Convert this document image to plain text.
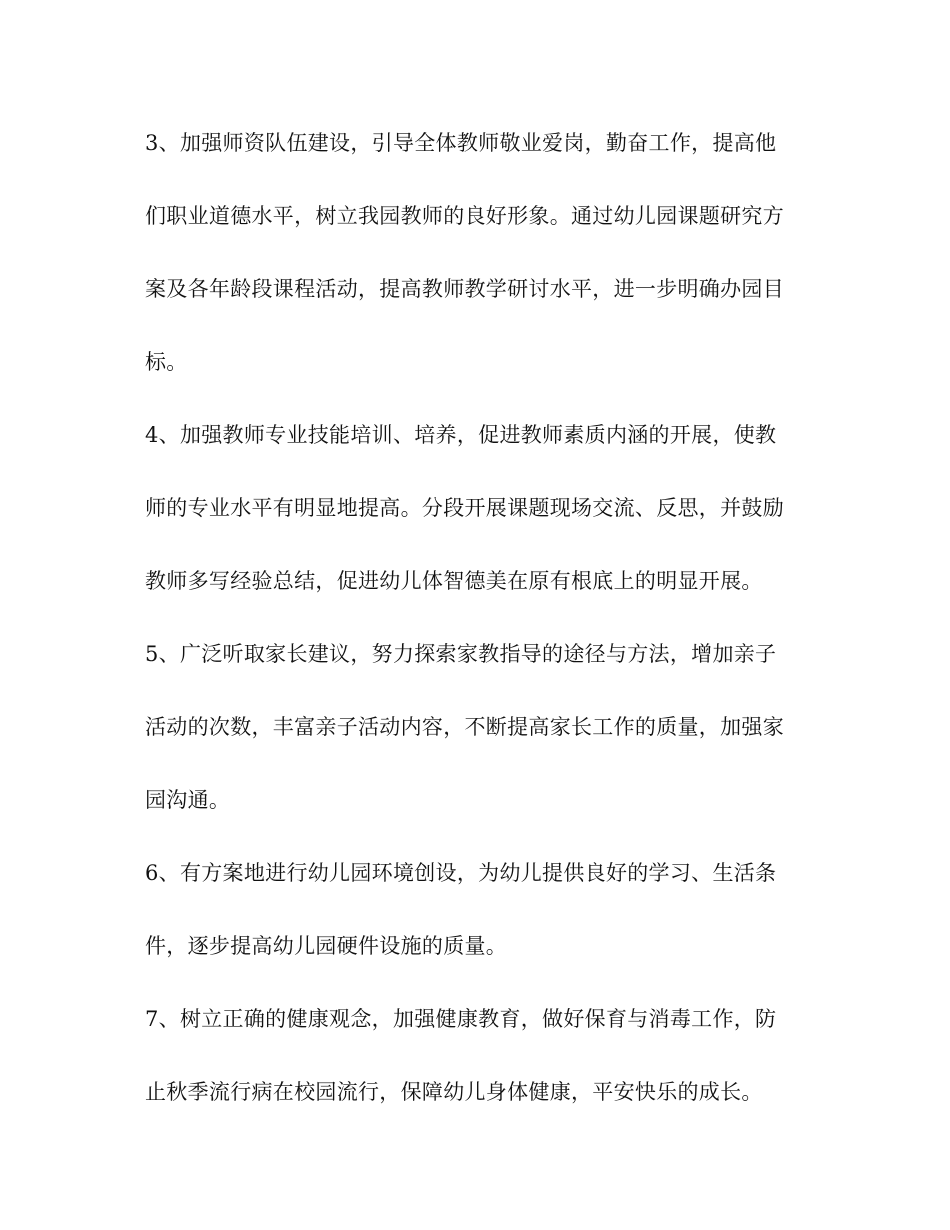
3、加强师资队伍建设，引导全体教师敬业爱岗，勤奋工作，提高他
们职业道德水平，树立我园教师的良好形象。通过幼儿园课题研究方
案及各年龄段课程活动，提高教师教学研讨水平，进一步明确办园目
标。
4、加强教师专业技能培训、培养，促进教师素质内涵的开展，使教
师的专业水平有明显地提高。分段开展课题现场交流、反思，并鼓励
教师多写经验总结，促进幼儿体智德美在原有根底上的明显开展。
5、广泛听取家长建议，努力探索家教指导的途径与方法，增加亲子
活动的次数，丰富亲子活动内容，不断提高家长工作的质量，加强家
园沟通。
6、有方案地进行幼儿园环境创设，为幼儿提供良好的学习、生活条
件，逐步提高幼儿园硬件设施的质量。
7、树立正确的健康观念，加强健康教育，做好保育与消毒工作，防
止秋季流行病在校园流行，保障幼儿身体健康，平安快乐的成长。
